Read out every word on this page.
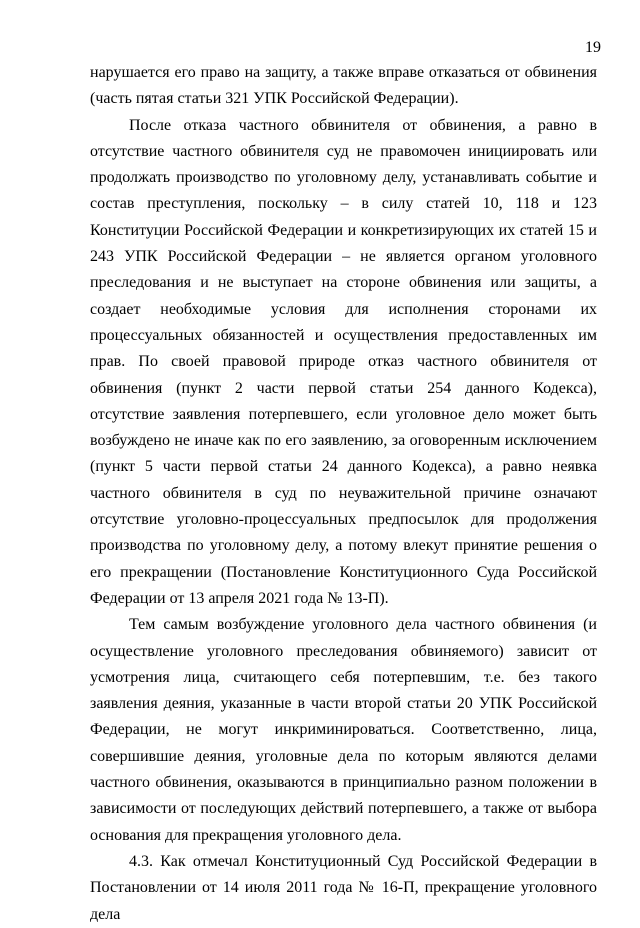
19

нарушается его право на защиту, а также вправе отказаться от обвинения (часть пятая статьи 321 УПК Российской Федерации).

После отказа частного обвинителя от обвинения, а равно в отсутствие частного обвинителя суд не правомочен инициировать или продолжать производство по уголовному делу, устанавливать событие и состав преступления, поскольку – в силу статей 10, 118 и 123 Конституции Российской Федерации и конкретизирующих их статей 15 и 243 УПК Российской Федерации – не является органом уголовного преследования и не выступает на стороне обвинения или защиты, а создает необходимые условия для исполнения сторонами их процессуальных обязанностей и осуществления предоставленных им прав. По своей правовой природе отказ частного обвинителя от обвинения (пункт 2 части первой статьи 254 данного Кодекса), отсутствие заявления потерпевшего, если уголовное дело может быть возбуждено не иначе как по его заявлению, за оговоренным исключением (пункт 5 части первой статьи 24 данного Кодекса), а равно неявка частного обвинителя в суд по неуважительной причине означают отсутствие уголовно-процессуальных предпосылок для продолжения производства по уголовному делу, а потому влекут принятие решения о его прекращении (Постановление Конституционного Суда Российской Федерации от 13 апреля 2021 года № 13-П).

Тем самым возбуждение уголовного дела частного обвинения (и осуществление уголовного преследования обвиняемого) зависит от усмотрения лица, считающего себя потерпевшим, т.е. без такого заявления деяния, указанные в части второй статьи 20 УПК Российской Федерации, не могут инкриминироваться. Соответственно, лица, совершившие деяния, уголовные дела по которым являются делами частного обвинения, оказываются в принципиально разном положении в зависимости от последующих действий потерпевшего, а также от выбора основания для прекращения уголовного дела.

4.3. Как отмечал Конституционный Суд Российской Федерации в Постановлении от 14 июля 2011 года № 16-П, прекращение уголовного дела
